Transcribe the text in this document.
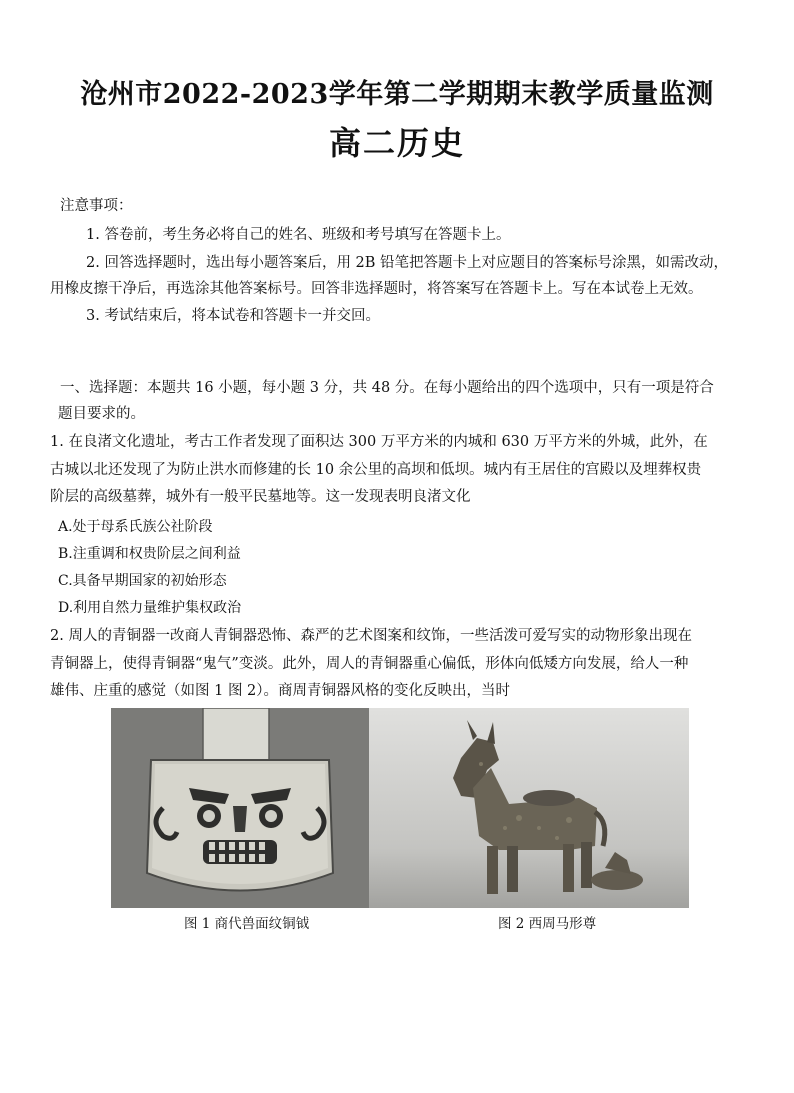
沧州市2022-2023学年第二学期期末教学质量监测
高二历史
注意事项：
1. 答卷前，考生务必将自己的姓名、班级和考号填写在答题卡上。
2. 回答选择题时，选出每小题答案后，用 2B 铅笔把答题卡上对应题目的答案标号涂黑，如需改动，
用橡皮擦干净后，再选涂其他答案标号。回答非选择题时，将答案写在答题卡上。写在本试卷上无效。
3. 考试结束后，将本试卷和答题卡一并交回。
一、选择题：本题共 16 小题，每小题 3 分，共 48 分。在每小题给出的四个选项中，只有一项是符合
题目要求的。
1. 在良渚文化遗址，考古工作者发现了面积达 300 万平方米的内城和 630 万平方米的外城，此外，在
古城以北还发现了为防止洪水而修建的长 10 余公里的高坝和低坝。城内有王居住的宫殿以及埋葬权贵
阶层的高级墓葬，城外有一般平民墓地等。这一发现表明良渚文化
A.处于母系氏族公社阶段
B.注重调和权贵阶层之间利益
C.具备早期国家的初始形态
D.利用自然力量维护集权政治
2. 周人的青铜器一改商人青铜器恐怖、森严的艺术图案和纹饰，一些活泼可爱写实的动物形象出现在
青铜器上，使得青铜器“鬼气”变淡。此外，周人的青铜器重心偏低，形体向低矮方向发展，给人一种
雄伟、庄重的感觉（如图 1 图 2）。商周青铜器风格的变化反映出，当时
图 1 商代兽面纹铜钺	图 2 西周马形尊
